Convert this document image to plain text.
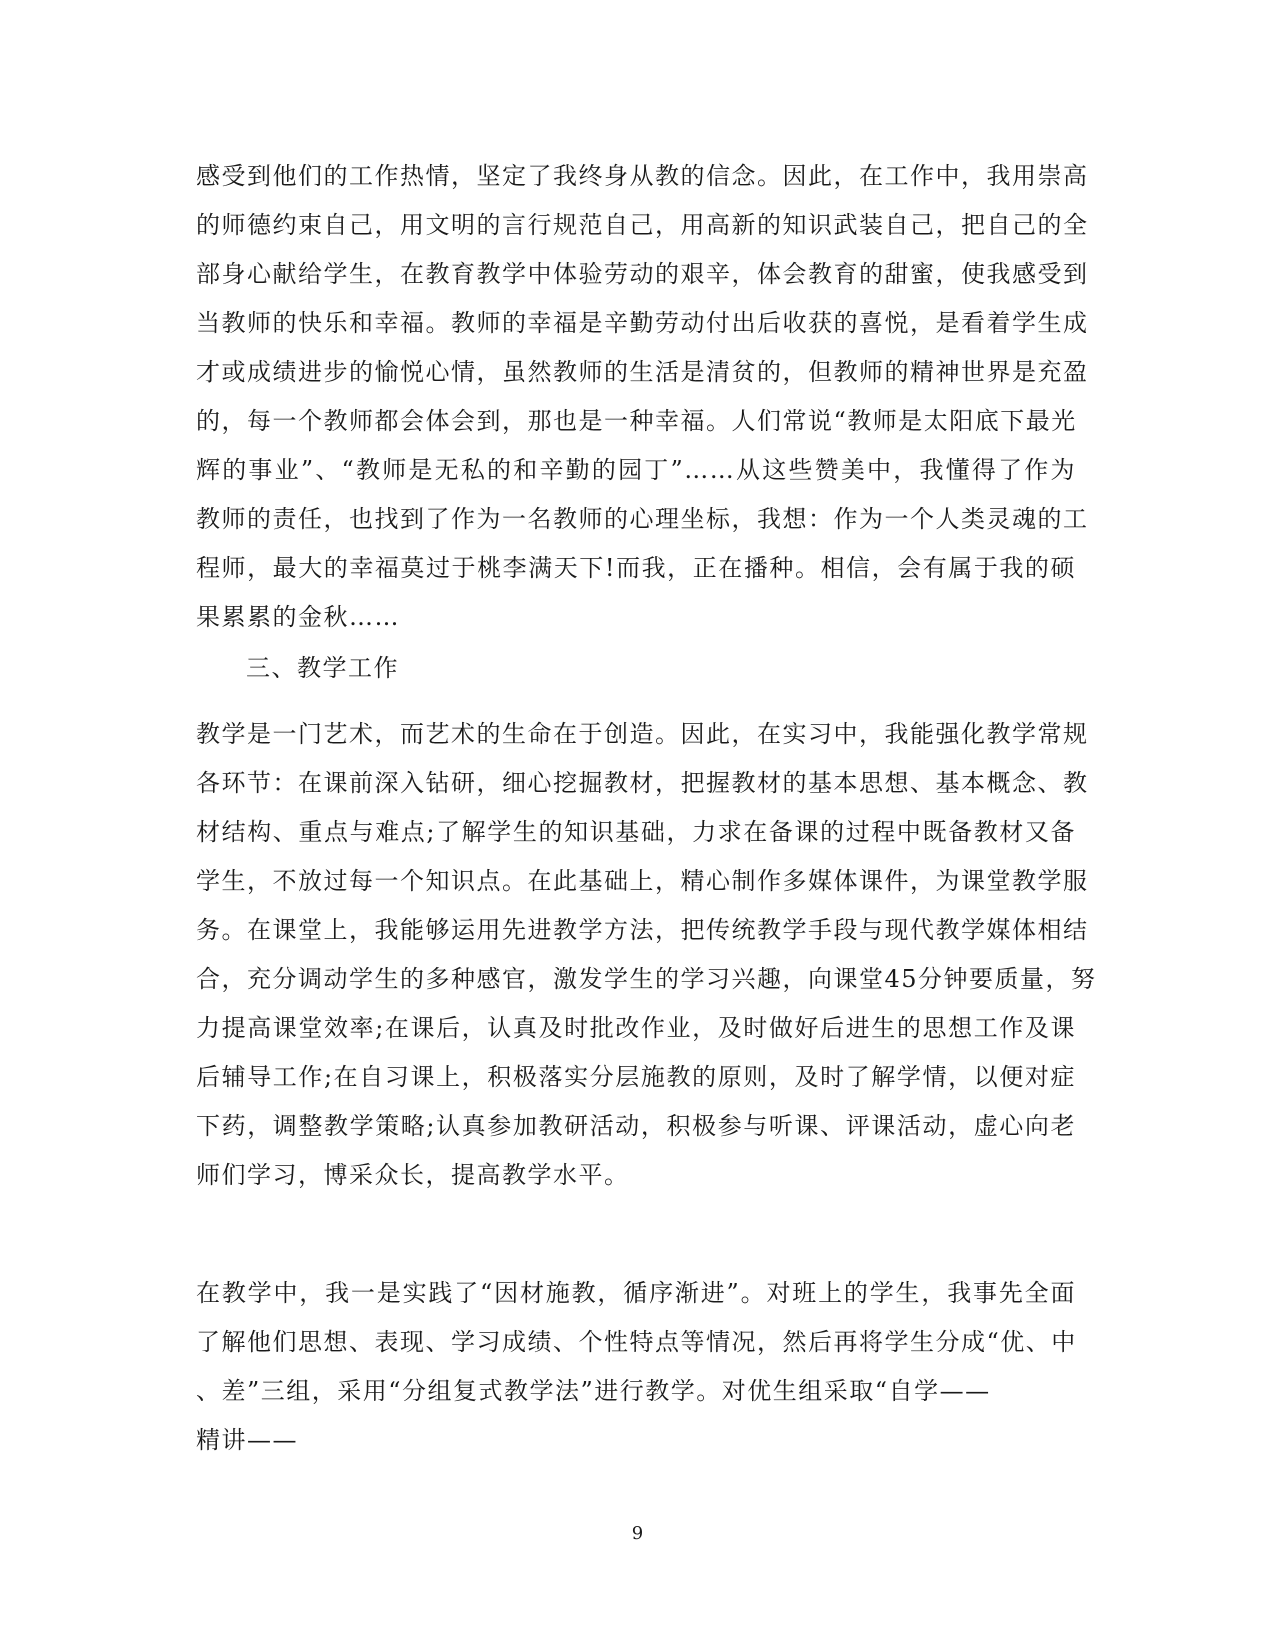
感受到他们的工作热情，坚定了我终身从教的信念。因此，在工作中，我用崇高
的师德约束自己，用文明的言行规范自己，用高新的知识武装自己，把自己的全
部身心献给学生，在教育教学中体验劳动的艰辛，体会教育的甜蜜，使我感受到
当教师的快乐和幸福。教师的幸福是辛勤劳动付出后收获的喜悦，是看着学生成
才或成绩进步的愉悦心情，虽然教师的生活是清贫的，但教师的精神世界是充盈
的，每一个教师都会体会到，那也是一种幸福。人们常说“教师是太阳底下最光
辉的事业”、“教师是无私的和辛勤的园丁”……从这些赞美中，我懂得了作为
教师的责任，也找到了作为一名教师的心理坐标，我想：作为一个人类灵魂的工
程师，最大的幸福莫过于桃李满天下!而我，正在播种。相信，会有属于我的硕
果累累的金秋……
三、教学工作
教学是一门艺术，而艺术的生命在于创造。因此，在实习中，我能强化教学常规
各环节：在课前深入钻研，细心挖掘教材，把握教材的基本思想、基本概念、教
材结构、重点与难点;了解学生的知识基础，力求在备课的过程中既备教材又备
学生，不放过每一个知识点。在此基础上，精心制作多媒体课件，为课堂教学服
务。在课堂上，我能够运用先进教学方法，把传统教学手段与现代教学媒体相结
合，充分调动学生的多种感官，激发学生的学习兴趣，向课堂45分钟要质量，努
力提高课堂效率;在课后，认真及时批改作业，及时做好后进生的思想工作及课
后辅导工作;在自习课上，积极落实分层施教的原则，及时了解学情，以便对症
下药，调整教学策略;认真参加教研活动，积极参与听课、评课活动，虚心向老
师们学习，博采众长，提高教学水平。
在教学中，我一是实践了“因材施教，循序渐进”。对班上的学生，我事先全面
了解他们思想、表现、学习成绩、个性特点等情况，然后再将学生分成“优、中
、差”三组，采用“分组复式教学法”进行教学。对优生组采取“自学——
精讲——
9
